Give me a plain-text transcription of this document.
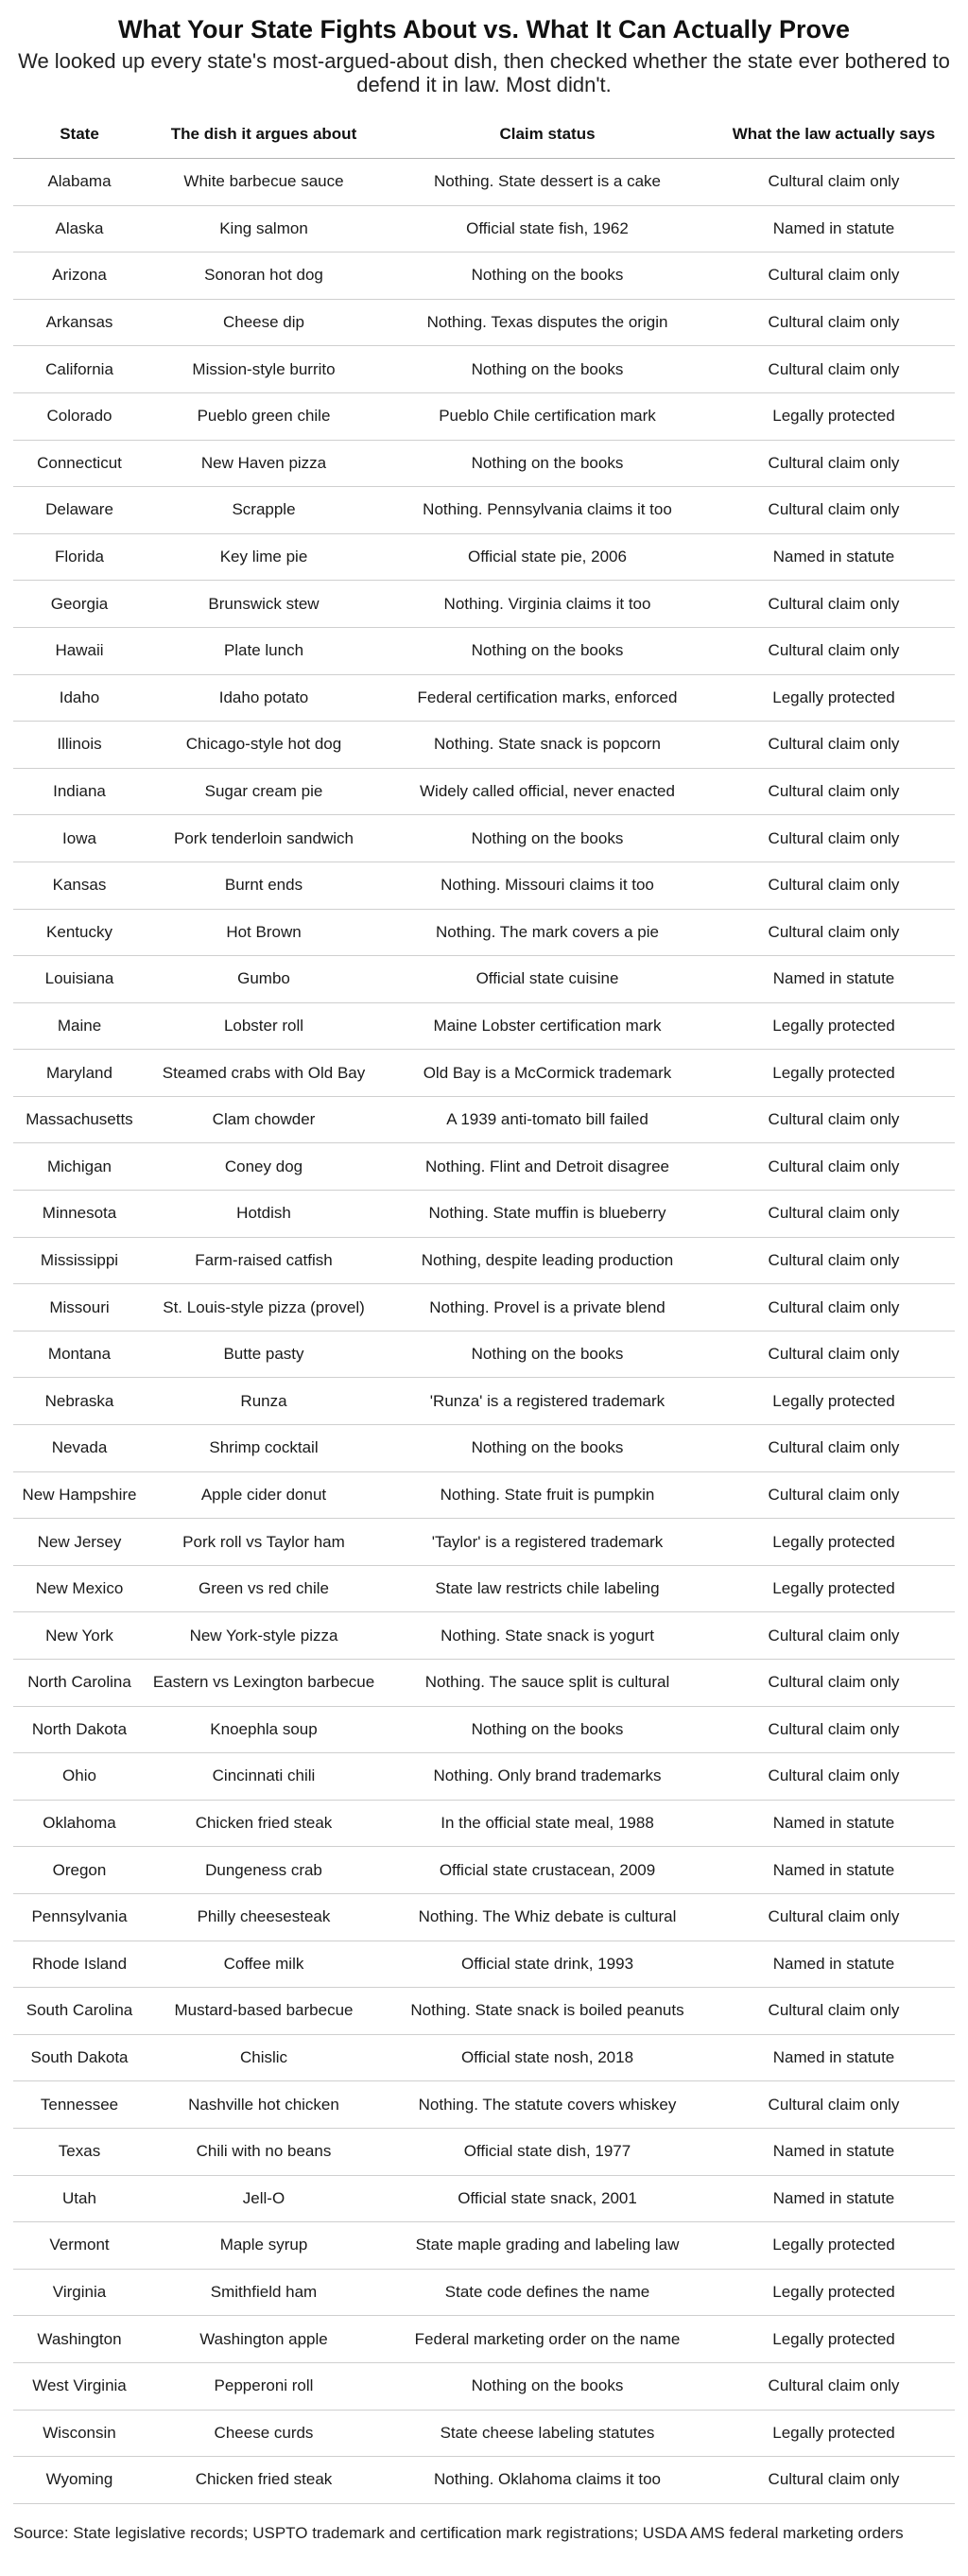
What Your State Fights About vs. What It Can Actually Prove

We looked up every state's most-argued-about dish, then checked whether the state ever bothered to defend it in law. Most didn't.

State	The dish it argues about	Claim status	What the law actually says
Alabama	White barbecue sauce	Nothing. State dessert is a cake	Cultural claim only
Alaska	King salmon	Official state fish, 1962	Named in statute
Arizona	Sonoran hot dog	Nothing on the books	Cultural claim only
Arkansas	Cheese dip	Nothing. Texas disputes the origin	Cultural claim only
California	Mission-style burrito	Nothing on the books	Cultural claim only
Colorado	Pueblo green chile	Pueblo Chile certification mark	Legally protected
Connecticut	New Haven pizza	Nothing on the books	Cultural claim only
Delaware	Scrapple	Nothing. Pennsylvania claims it too	Cultural claim only
Florida	Key lime pie	Official state pie, 2006	Named in statute
Georgia	Brunswick stew	Nothing. Virginia claims it too	Cultural claim only
Hawaii	Plate lunch	Nothing on the books	Cultural claim only
Idaho	Idaho potato	Federal certification marks, enforced	Legally protected
Illinois	Chicago-style hot dog	Nothing. State snack is popcorn	Cultural claim only
Indiana	Sugar cream pie	Widely called official, never enacted	Cultural claim only
Iowa	Pork tenderloin sandwich	Nothing on the books	Cultural claim only
Kansas	Burnt ends	Nothing. Missouri claims it too	Cultural claim only
Kentucky	Hot Brown	Nothing. The mark covers a pie	Cultural claim only
Louisiana	Gumbo	Official state cuisine	Named in statute
Maine	Lobster roll	Maine Lobster certification mark	Legally protected
Maryland	Steamed crabs with Old Bay	Old Bay is a McCormick trademark	Legally protected
Massachusetts	Clam chowder	A 1939 anti-tomato bill failed	Cultural claim only
Michigan	Coney dog	Nothing. Flint and Detroit disagree	Cultural claim only
Minnesota	Hotdish	Nothing. State muffin is blueberry	Cultural claim only
Mississippi	Farm-raised catfish	Nothing, despite leading production	Cultural claim only
Missouri	St. Louis-style pizza (provel)	Nothing. Provel is a private blend	Cultural claim only
Montana	Butte pasty	Nothing on the books	Cultural claim only
Nebraska	Runza	'Runza' is a registered trademark	Legally protected
Nevada	Shrimp cocktail	Nothing on the books	Cultural claim only
New Hampshire	Apple cider donut	Nothing. State fruit is pumpkin	Cultural claim only
New Jersey	Pork roll vs Taylor ham	'Taylor' is a registered trademark	Legally protected
New Mexico	Green vs red chile	State law restricts chile labeling	Legally protected
New York	New York-style pizza	Nothing. State snack is yogurt	Cultural claim only
North Carolina	Eastern vs Lexington barbecue	Nothing. The sauce split is cultural	Cultural claim only
North Dakota	Knoephla soup	Nothing on the books	Cultural claim only
Ohio	Cincinnati chili	Nothing. Only brand trademarks	Cultural claim only
Oklahoma	Chicken fried steak	In the official state meal, 1988	Named in statute
Oregon	Dungeness crab	Official state crustacean, 2009	Named in statute
Pennsylvania	Philly cheesesteak	Nothing. The Whiz debate is cultural	Cultural claim only
Rhode Island	Coffee milk	Official state drink, 1993	Named in statute
South Carolina	Mustard-based barbecue	Nothing. State snack is boiled peanuts	Cultural claim only
South Dakota	Chislic	Official state nosh, 2018	Named in statute
Tennessee	Nashville hot chicken	Nothing. The statute covers whiskey	Cultural claim only
Texas	Chili with no beans	Official state dish, 1977	Named in statute
Utah	Jell-O	Official state snack, 2001	Named in statute
Vermont	Maple syrup	State maple grading and labeling law	Legally protected
Virginia	Smithfield ham	State code defines the name	Legally protected
Washington	Washington apple	Federal marketing order on the name	Legally protected
West Virginia	Pepperoni roll	Nothing on the books	Cultural claim only
Wisconsin	Cheese curds	State cheese labeling statutes	Legally protected
Wyoming	Chicken fried steak	Nothing. Oklahoma claims it too	Cultural claim only
Source: State legislative records; USPTO trademark and certification mark registrations; USDA AMS federal marketing orders
